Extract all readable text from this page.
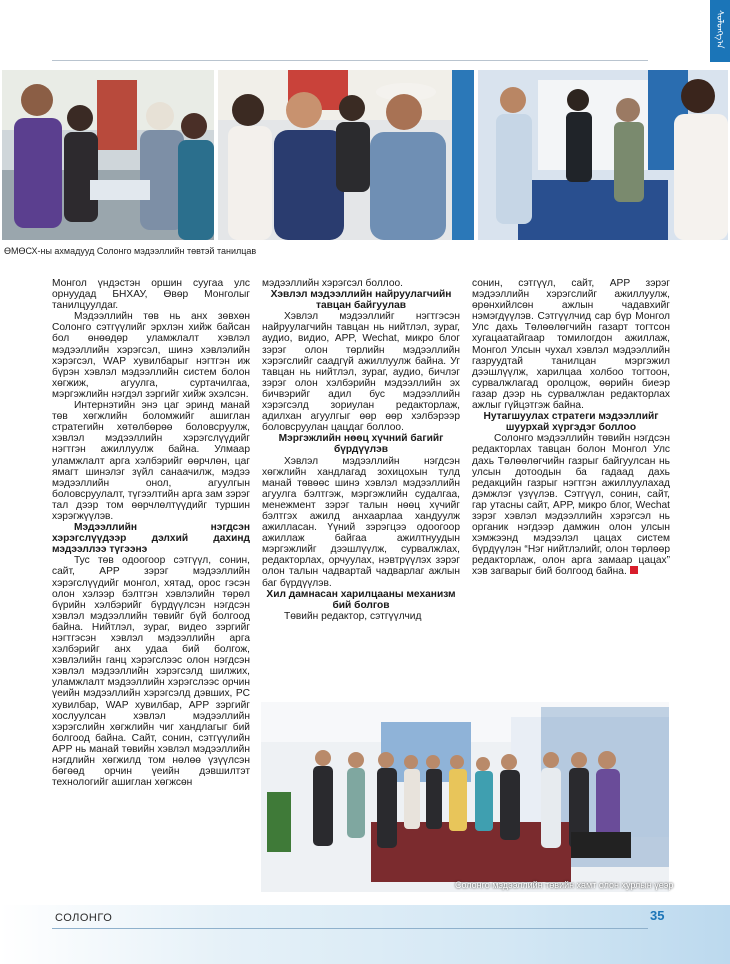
ᠰᠣᠯᠣᠩᠭ᠎ᠠ
ӨМӨСХ-ны ахмадууд Солонго мэдээллийн төвтэй танилцав

Монгол үндэстэн оршин суугаа улс орнуудад БНХАУ, Өвөр Монголыг танилцуулдаг.

Мэдээллийн төв нь анх зөвхөн Солонго сэтгүүлийг эрхлэн хийж байсан бол өнөөдөр уламжлалт хэвлэл мэдээллийн хэрэгсэл, шинэ хэвлэлийн хэрэгсэл, WAP хувилбарыг нэгтгэн иж бүрэн хэвлэл мэдээллийн систем болон хөгжиж, агуулга, суртачилгаа, мэргэжлийн нэгдэл зэргийг хийж эхэлсэн.

Интернэтийн энэ цаг эринд манай төв хөгжлийн боломжийг ашиглан стратегийн хөтөлбөрөө боловсруулж, хэвлэл мэдээллийн хэрэгслүүдийг нэгтгэн ажиллуулж байна. Улмаар уламжлалт арга хэлбэрийг өөрчлөн, цаг ямагт шинэлэг зүйл санаачилж, мэдээ мэдээллийн онол, агуулгын боловсруулалт, түгээлтийн арга зам зэрэг тал дээр том өөрчлөлтүүдийг туршин хэрэгжүүлэв.

Мэдээллийн нэгдсэн хэрэгслүүдээр дэлхий дахинд мэдээллээ түгээнэ

Тус төв одоогоор сэтгүүл, сонин, сайт, APP зэрэг мэдээллийн хэрэгслүүдийг монгол, хятад, орос гэсэн олон хэлээр бэлтгэн хэвлэлийн төрөл бүрийн хэлбэрийг бүрдүүлсэн нэгдсэн хэвлэл мэдээллийн төвийг бүй болгоод байна. Нийтлэл, зураг, видео зэргийг нэгтгэсэн хэвлэл мэдээллийн арга хэлбэрийг анх удаа бий болгож, хэвлэлийн ганц хэрэгслээс олон нэгдсэн хэвлэл мэдээллийн хэрэгсэлд шилжих, уламжлалт мэдээллийн хэрэгслээс орчин үеийн мэдээллийн хэрэгсэлд дэвших, PC хувилбар, WAP хувилбар, APP зэргийг хослуулсан хэвлэл мэдээллийн хэрэгслийн хөгжлийн чиг хандлагыг бий болгоод байна. Сайт, сонин, сэтгүүлийн APP нь манай төвийн хэвлэл мэдээллийн нэгдлийн хөгжилд том нөлөө үзүүлсэн бөгөөд орчин үеийн дэвшилтэт технологийг ашиглан хөгжсөн

мэдээллийн хэрэгсэл боллоо.

Хэвлэл мэдээллийн найруулагчийн тавцан байгуулав

Хэвлэл мэдээллийг нэгтгэсэн найруулагчийн тавцан нь нийтлэл, зураг, аудио, видио, APP, Wechat, микро блог зэрэг олон төрлийн мэдээллийн хэрэгслийг саадгүй ажиллуулж байна. Уг тавцан нь нийтлэл, зураг, аудио, бичлэг зэрэг олон хэлбэрийн мэдээллийн эх бичвэрийг адил бус мэдээллийн хэрэгсэлд зориулан редакторлаж, адилхан агуулгыг өөр өөр хэлбэрээр боловсруулан цацдаг боллоо.

Мэргэжлийн нөөц хүчний багийг бүрдүүлэв

Хэвлэл мэдээллийн нэгдсэн хөгжлийн хандлагад зохицохын тулд манай төвөөс шинэ хэвлэл мэдээллийн агуулга бэлтгэж, мэргэжлийн судалгаа, менежмент зэрэг талын нөөц хүчийг бэлтгэх ажилд анхаарлаа хандуулж ажилласан. Үүний зэрэгцээ одоогоор ажиллаж байгаа ажилтнуудын мэргэжлийг дээшлүүлж, сурвалжлах, редакторлах, орчуулах, нэвтрүүлэх зэрэг олон талын чадвартай чадварлаг ажлын баг бүрдүүлэв.

Хил дамнасан харилцааны механизм бий болгов

Төвийн редактор, сэтгүүлчид

сонин, сэтгүүл, сайт, APP зэрэг мэдээллийн хэрэгслийг ажиллуулж, өрөнхийлсөн ажлын чадавхийг нэмэгдүүлэв. Сэтгүүлчид сар бүр Монгол Улс дахь Төлөөлөгчийн газарт тогтсон хугацаатайгаар томилогдон ажиллаж, Монгол Улсын чухал хэвлэл мэдээллийн газруудтай танилцан мэргэжил дээшлүүлж, харилцаа холбоо тогтоон, сурвалжлагад оролцож, өөрийн биеэр газар дээр нь сурвалжлан редакторлах ажлыг гүйцэтгэж байна.

Нутагшуулах стратеги мэдээллийг шуурхай хүргэдэг боллоо

Солонго мэдээллийн төвийн нэгдсэн редакторлах тавцан болон Монгол Улс дахь Төлөөлөгчийн газрыг байгуулсан нь улсын дотоодын ба гадаад дахь редакцийн газрыг нэгтгэн ажиллуулахад дэмжлэг үзүүлэв. Сэтгүүл, сонин, сайт, гар утасны сайт, APP, микро блог, Wechat зэрэг хэвлэл мэдээллийн хэрэгсэл нь органик нэгдээр дамжин олон улсын хэмжээнд мэдээлэл цацах систем бүрдүүлэн “Нэг нийтлэлийг, олон төрлөөр редакторлаж, олон арга замаар цацах” хэв загварыг бий болгоод байна.

Солонго мэдээллийн төвийн хамт олон хурлын үеэр
СОЛОНГО	35
